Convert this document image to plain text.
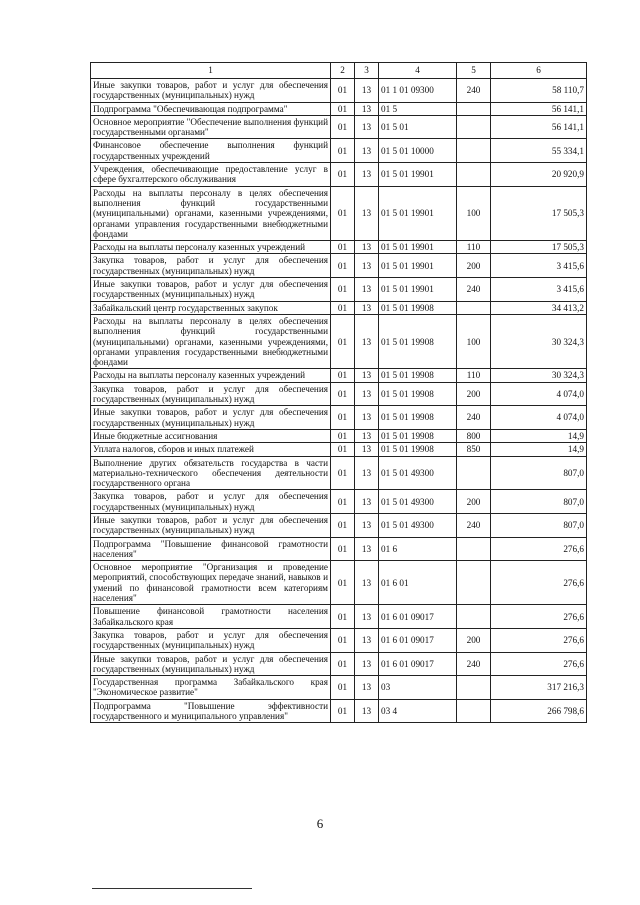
1	2	3	4	5	6
Иные закупки товаров, работ и услуг для обеспечения государственных (муниципальных) нужд	01	13	01 1 01 09300	240	58 110,7
Подпрограмма "Обеспечивающая подпрограмма"	01	13	01 5		56 141,1
Основное мероприятие "Обеспечение выполнения функций государственными органами"	01	13	01 5 01		56 141,1
Финансовое обеспечение выполнения функций государственных учреждений	01	13	01 5 01 10000		55 334,1
Учреждения, обеспечивающие предоставление услуг в сфере бухгалтерского обслуживания	01	13	01 5 01 19901		20 920,9
Расходы на выплаты персоналу в целях обеспечения выполнения функций государственными (муниципальными) органами, казенными учреждениями, органами управления государственными внебюджетными фондами	01	13	01 5 01 19901	100	17 505,3
Расходы на выплаты персоналу казенных учреждений	01	13	01 5 01 19901	110	17 505,3
Закупка товаров, работ и услуг для обеспечения государственных (муниципальных) нужд	01	13	01 5 01 19901	200	3 415,6
Иные закупки товаров, работ и услуг для обеспечения государственных (муниципальных) нужд	01	13	01 5 01 19901	240	3 415,6
Забайкальский центр государственных закупок	01	13	01 5 01 19908		34 413,2
Расходы на выплаты персоналу в целях обеспечения выполнения функций государственными (муниципальными) органами, казенными учреждениями, органами управления государственными внебюджетными фондами	01	13	01 5 01 19908	100	30 324,3
Расходы на выплаты персоналу казенных учреждений	01	13	01 5 01 19908	110	30 324,3
Закупка товаров, работ и услуг для обеспечения государственных (муниципальных) нужд	01	13	01 5 01 19908	200	4 074,0
Иные закупки товаров, работ и услуг для обеспечения государственных (муниципальных) нужд	01	13	01 5 01 19908	240	4 074,0
Иные бюджетные ассигнования	01	13	01 5 01 19908	800	14,9
Уплата налогов, сборов и иных платежей	01	13	01 5 01 19908	850	14,9
Выполнение других обязательств государства в части материально-технического обеспечения деятельности государственного органа	01	13	01 5 01 49300		807,0
Закупка товаров, работ и услуг для обеспечения государственных (муниципальных) нужд	01	13	01 5 01 49300	200	807,0
Иные закупки товаров, работ и услуг для обеспечения государственных (муниципальных) нужд	01	13	01 5 01 49300	240	807,0
Подпрограмма "Повышение финансовой грамотности населения"	01	13	01 6		276,6
Основное мероприятие "Организация и проведение мероприятий, способствующих передаче знаний, навыков и умений по финансовой грамотности всем категориям населения"	01	13	01 6 01		276,6
Повышение финансовой грамотности населения Забайкальского края	01	13	01 6 01 09017		276,6
Закупка товаров, работ и услуг для обеспечения государственных (муниципальных) нужд	01	13	01 6 01 09017	200	276,6
Иные закупки товаров, работ и услуг для обеспечения государственных (муниципальных) нужд	01	13	01 6 01 09017	240	276,6
Государственная программа Забайкальского края "Экономическое развитие"	01	13	03		317 216,3
Подпрограмма "Повышение эффективности государственного и муниципального управления"	01	13	03 4		266 798,6
6
